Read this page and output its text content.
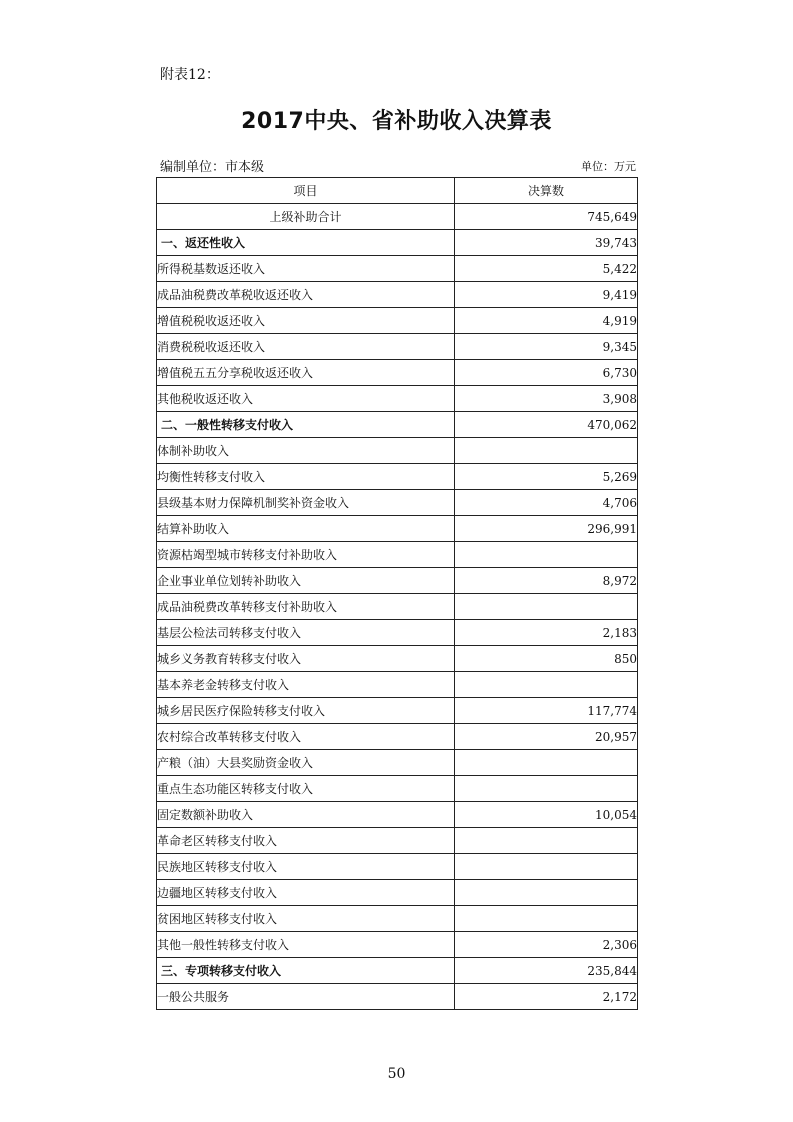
附表12：
2017中央、省补助收入决算表
编制单位：市本级	单位：万元
项目	决算数
上级补助合计	745,649
一、返还性收入	39,743
所得税基数返还收入	5,422
成品油税费改革税收返还收入	9,419
增值税税收返还收入	4,919
消费税税收返还收入	9,345
增值税五五分享税收返还收入	6,730
其他税收返还收入	3,908
二、一般性转移支付收入	470,062
体制补助收入	
均衡性转移支付收入	5,269
县级基本财力保障机制奖补资金收入	4,706
结算补助收入	296,991
资源枯竭型城市转移支付补助收入	
企业事业单位划转补助收入	8,972
成品油税费改革转移支付补助收入	
基层公检法司转移支付收入	2,183
城乡义务教育转移支付收入	850
基本养老金转移支付收入	
城乡居民医疗保险转移支付收入	117,774
农村综合改革转移支付收入	20,957
产粮（油）大县奖励资金收入	
重点生态功能区转移支付收入	
固定数额补助收入	10,054
革命老区转移支付收入	
民族地区转移支付收入	
边疆地区转移支付收入	
贫困地区转移支付收入	
其他一般性转移支付收入	2,306
三、专项转移支付收入	235,844
一般公共服务	2,172
50
